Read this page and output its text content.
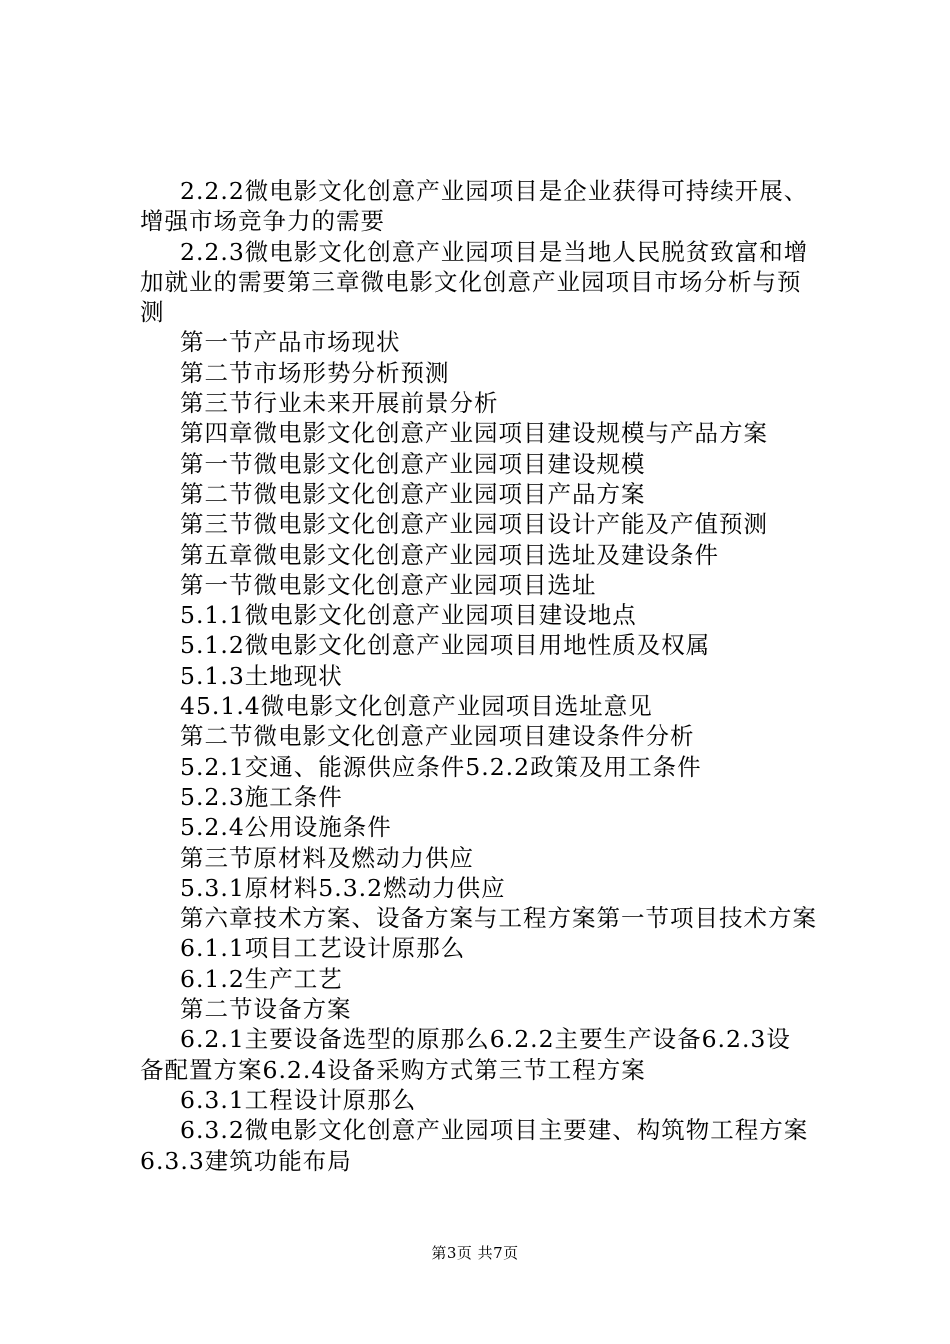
2.2.2微电影文化创意产业园项目是企业获得可持续开展、
增强市场竞争力的需要
2.2.3微电影文化创意产业园项目是当地人民脱贫致富和增
加就业的需要第三章微电影文化创意产业园项目市场分析与预
测
第一节产品市场现状
第二节市场形势分析预测
第三节行业未来开展前景分析
第四章微电影文化创意产业园项目建设规模与产品方案
第一节微电影文化创意产业园项目建设规模
第二节微电影文化创意产业园项目产品方案
第三节微电影文化创意产业园项目设计产能及产值预测
第五章微电影文化创意产业园项目选址及建设条件
第一节微电影文化创意产业园项目选址
5.1.1微电影文化创意产业园项目建设地点
5.1.2微电影文化创意产业园项目用地性质及权属
5.1.3土地现状
45.1.4微电影文化创意产业园项目选址意见
第二节微电影文化创意产业园项目建设条件分析
5.2.1交通、能源供应条件5.2.2政策及用工条件
5.2.3施工条件
5.2.4公用设施条件
第三节原材料及燃动力供应
5.3.1原材料5.3.2燃动力供应
第六章技术方案、设备方案与工程方案第一节项目技术方案
6.1.1项目工艺设计原那么
6.1.2生产工艺
第二节设备方案
6.2.1主要设备选型的原那么6.2.2主要生产设备6.2.3设
备配置方案6.2.4设备采购方式第三节工程方案
6.3.1工程设计原那么
6.3.2微电影文化创意产业园项目主要建、构筑物工程方案
6.3.3建筑功能布局
第3页 共7页
